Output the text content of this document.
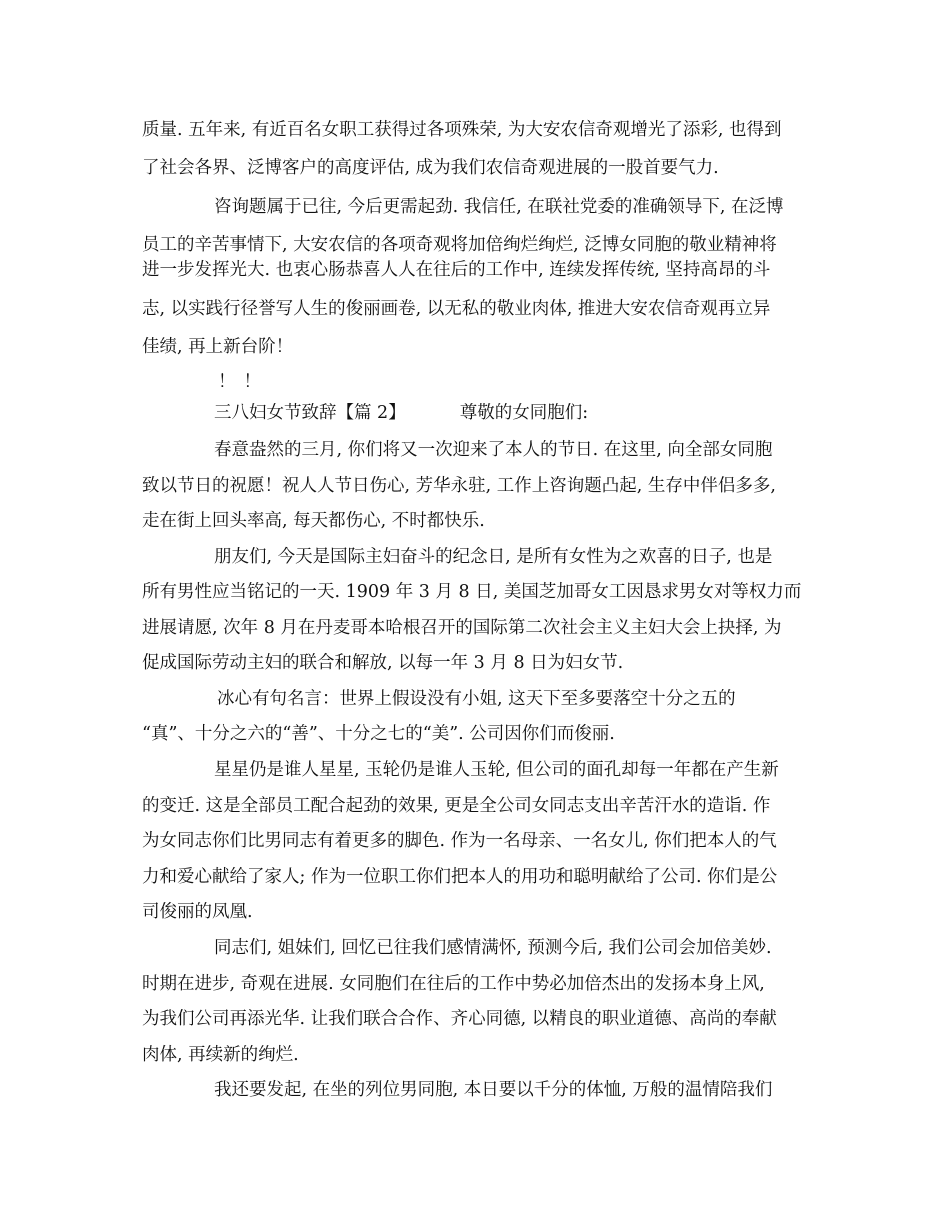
质量. 五年来, 有近百名女职工获得过各项殊荣, 为大安农信奇观增光了添彩, 也得到
了社会各界、泛博客户的高度评估, 成为我们农信奇观进展的一股首要气力.
咨询题属于已往, 今后更需起劲. 我信任, 在联社党委的准确领导下, 在泛博
员工的辛苦事情下, 大安农信的各项奇观将加倍绚烂绚烂, 泛博女同胞的敬业精神将
进一步发挥光大. 也衷心肠恭喜人人在往后的工作中, 连续发挥传统, 坚持高昂的斗
志, 以实践行径誉写人生的俊丽画卷, 以无私的敬业肉体, 推进大安农信奇观再立异
佳绩, 再上新台阶！
！！
三八妇女节致辞【篇 2】	尊敬的女同胞们:
春意盎然的三月, 你们将又一次迎来了本人的节日. 在这里, 向全部女同胞
致以节日的祝愿！祝人人节日伤心, 芳华永驻, 工作上咨询题凸起, 生存中伴侣多多,
走在街上回头率高, 每天都伤心, 不时都快乐.
朋友们, 今天是国际主妇奋斗的纪念日, 是所有女性为之欢喜的日子, 也是
所有男性应当铭记的一天. 1909 年 3 月 8 日, 美国芝加哥女工因恳求男女对等权力而
进展请愿, 次年 8 月在丹麦哥本哈根召开的国际第二次社会主义主妇大会上抉择, 为
促成国际劳动主妇的联合和解放, 以每一年 3 月 8 日为妇女节.
冰心有句名言：世界上假设没有小姐, 这天下至多要落空十分之五的
“真”、十分之六的“善”、十分之七的“美”. 公司因你们而俊丽.
星星仍是谁人星星, 玉轮仍是谁人玉轮, 但公司的面孔却每一年都在产生新
的变迁. 这是全部员工配合起劲的效果, 更是全公司女同志支出辛苦汗水的造诣. 作
为女同志你们比男同志有着更多的脚色. 作为一名母亲、一名女儿, 你们把本人的气
力和爱心献给了家人; 作为一位职工你们把本人的用功和聪明献给了公司. 你们是公
司俊丽的凤凰.
同志们, 姐妹们, 回忆已往我们感情满怀, 预测今后, 我们公司会加倍美妙.
时期在进步, 奇观在进展. 女同胞们在往后的工作中势必加倍杰出的发扬本身上风,
为我们公司再添光华. 让我们联合合作、齐心同德, 以精良的职业道德、高尚的奉献
肉体, 再续新的绚烂.
我还要发起, 在坐的列位男同胞, 本日要以千分的体恤, 万般的温情陪我们
